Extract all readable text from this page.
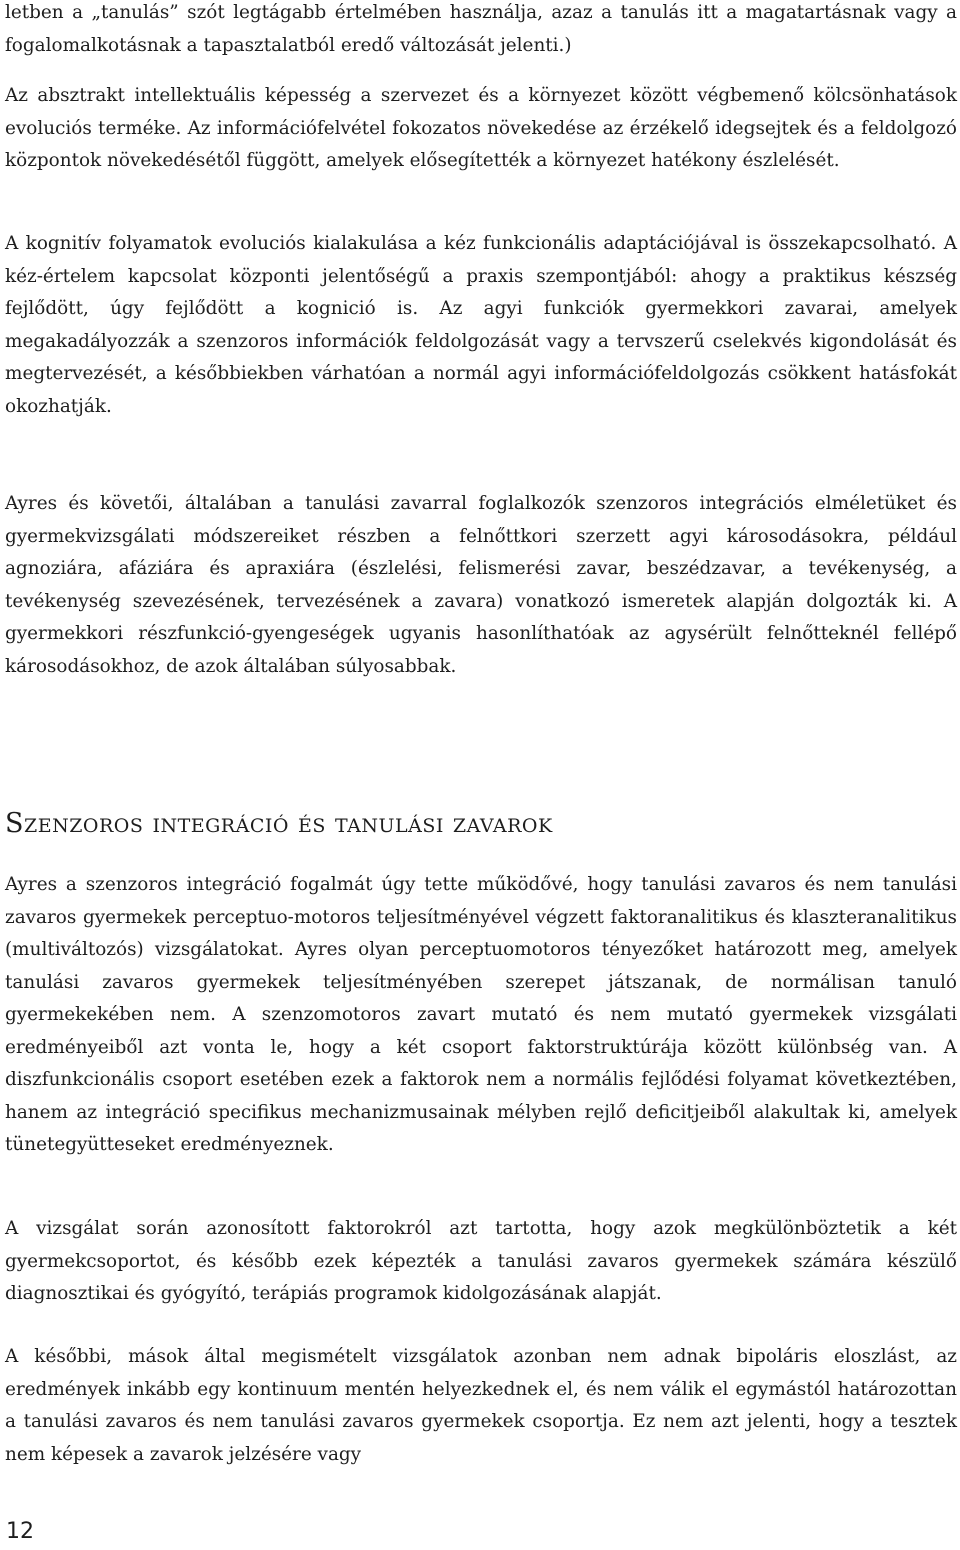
letben a „tanulás” szót legtágabb értelmében használja, azaz a tanulás itt a magatartásnak vagy a fogalomalkotásnak a tapasztalatból eredő változását jelenti.)

Az absztrakt intellektuális képesség a szervezet és a környezet között végbemenő kölcsönhatások evoluciós terméke. Az információfelvétel fokozatos növekedése az érzékelő idegsejtek és a feldolgozó központok növekedésétől függött, amelyek elősegítették a környezet hatékony észlelését.

A kognitív folyamatok evoluciós kialakulása a kéz funkcionális adaptációjával is összekapcsolható. A kéz-értelem kapcsolat központi jelentőségű a praxis szempontjából: ahogy a praktikus készség fejlődött, úgy fejlődött a kognició is. Az agyi funkciók gyermekkori zavarai, amelyek megakadályozzák a szenzoros információk feldolgozását vagy a tervszerű cselekvés kigondolását és megtervezését, a későbbiekben várhatóan a normál agyi információfeldolgozás csökkent hatásfokát okozhatják.

Ayres és követői, általában a tanulási zavarral foglalkozók szenzoros integrációs elméletüket és gyermekvizsgálati módszereiket részben a felnőttkori szerzett agyi károsodásokra, például agnoziára, afáziára és apraxiára (észlelési, felismerési zavar, beszédzavar, a tevékenység, a tevékenység szevezésének, tervezésének a zavara) vonatkozó ismeretek alapján dolgozták ki. A gyermekkori részfunkció-gyengeségek ugyanis hasonlíthatóak az agysérült felnőtteknél fellépő károsodásokhoz, de azok általában súlyosabbak.

Szenzoros integráció és tanulási zavarok

Ayres a szenzoros integráció fogalmát úgy tette működővé, hogy tanulási zavaros és nem tanulási zavaros gyermekek perceptuo-motoros teljesítményével végzett faktoranalitikus és klaszteranalitikus (multiváltozós) vizsgálatokat. Ayres olyan perceptuomotoros tényezőket határozott meg, amelyek tanulási zavaros gyermekek teljesítményében szerepet játszanak, de normálisan tanuló gyermekekében nem. A szenzomotoros zavart mutató és nem mutató gyermekek vizsgálati eredményeiből azt vonta le, hogy a két csoport faktorstruktúrája között különbség van. A diszfunkcionális csoport esetében ezek a faktorok nem a normális fejlődési folyamat következtében, hanem az integráció specifikus mechanizmusainak mélyben rejlő deficitjeiből alakultak ki, amelyek tünetegyütteseket eredményeznek.

A vizsgálat során azonosított faktorokról azt tartotta, hogy azok megkülönböztetik a két gyermekcsoportot, és később ezek képezték a tanulási zavaros gyermekek számára készülő diagnosztikai és gyógyító, terápiás programok kidolgozásának alapját.

A későbbi, mások által megismételt vizsgálatok azonban nem adnak bipoláris eloszlást, az eredmények inkább egy kontinuum mentén helyezkednek el, és nem válik el egymástól határozottan a tanulási zavaros és nem tanulási zavaros gyermekek csoportja. Ez nem azt jelenti, hogy a tesztek nem képesek a zavarok jelzésére vagy

12
